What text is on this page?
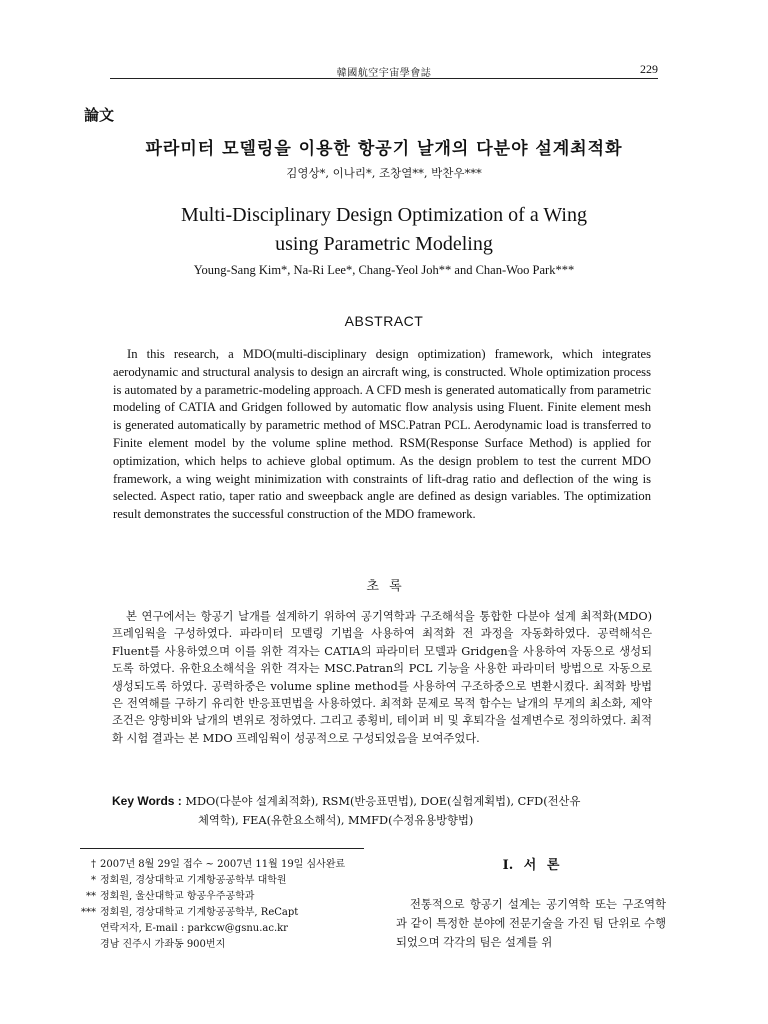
韓國航空宇宙學會誌	229
論文
파라미터 모델링을 이용한 항공기 날개의 다분야 설계최적화
김영상*, 이나리*, 조창열**, 박찬우***
Multi-Disciplinary Design Optimization of a Wing
using Parametric Modeling
Young-Sang Kim*, Na-Ri Lee*, Chang-Yeol Joh** and Chan-Woo Park***
ABSTRACT

In this research, a MDO(multi-disciplinary design optimization) framework, which integrates aerodynamic and structural analysis to design an aircraft wing, is constructed. Whole optimization process is automated by a parametric-modeling approach. A CFD mesh is generated automatically from parametric modeling of CATIA and Gridgen followed by automatic flow analysis using Fluent. Finite element mesh is generated automatically by parametric method of MSC.Patran PCL. Aerodynamic load is transferred to Finite element model by the volume spline method. RSM(Response Surface Method) is applied for optimization, which helps to achieve global optimum. As the design problem to test the current MDO framework, a wing weight minimization with constraints of lift-drag ratio and deflection of the wing is selected. Aspect ratio, taper ratio and sweepback angle are defined as design variables. The optimization result demonstrates the successful construction of the MDO framework.

초 록

본 연구에서는 항공기 날개를 설계하기 위하여 공기역학과 구조해석을 통합한 다분야 설계 최적화(MDO) 프레임웍을 구성하였다. 파라미터 모델링 기법을 사용하여 최적화 전 과정을 자동화하였다. 공력해석은 Fluent를 사용하였으며 이를 위한 격자는 CATIA의 파라미터 모델과 Gridgen을 사용하여 자동으로 생성되도록 하였다. 유한요소해석을 위한 격자는 MSC.Patran의 PCL 기능을 사용한 파라미터 방법으로 자동으로 생성되도록 하였다. 공력하중은 volume spline method를 사용하여 구조하중으로 변환시켰다. 최적화 방법은 전역해를 구하기 유리한 반응표면법을 사용하였다. 최적화 문제로 목적 함수는 날개의 무게의 최소화, 제약 조건은 양항비와 날개의 변위로 정하였다. 그리고 종횡비, 테이퍼 비 및 후퇴각을 설계변수로 정의하였다. 최적화 시험 결과는 본 MDO 프레임웍이 성공적으로 구성되었음을 보여주었다.

Key Words : MDO(다분야 설계최적화), RSM(반응표면법), DOE(실험계획법), CFD(전산유
체역학), FEA(유한요소해석), MMFD(수정유용방향법)
† 2007년 8월 29일 접수 ~ 2007년 11월 19일 심사완료
* 정회원, 경상대학교 기계항공공학부 대학원
** 정회원, 울산대학교 항공우주공학과
*** 정회원, 경상대학교 기계항공공학부, ReCapt
연락저자, E-mail : parkcw@gsnu.ac.kr
경남 진주시 가좌동 900번지
Ⅰ. 서 론

전통적으로 항공기 설계는 공기역학 또는 구조역학과 같이 특정한 분야에 전문기술을 가진 팀 단위로 수행되었으며 각각의 팀은 설계를 위
